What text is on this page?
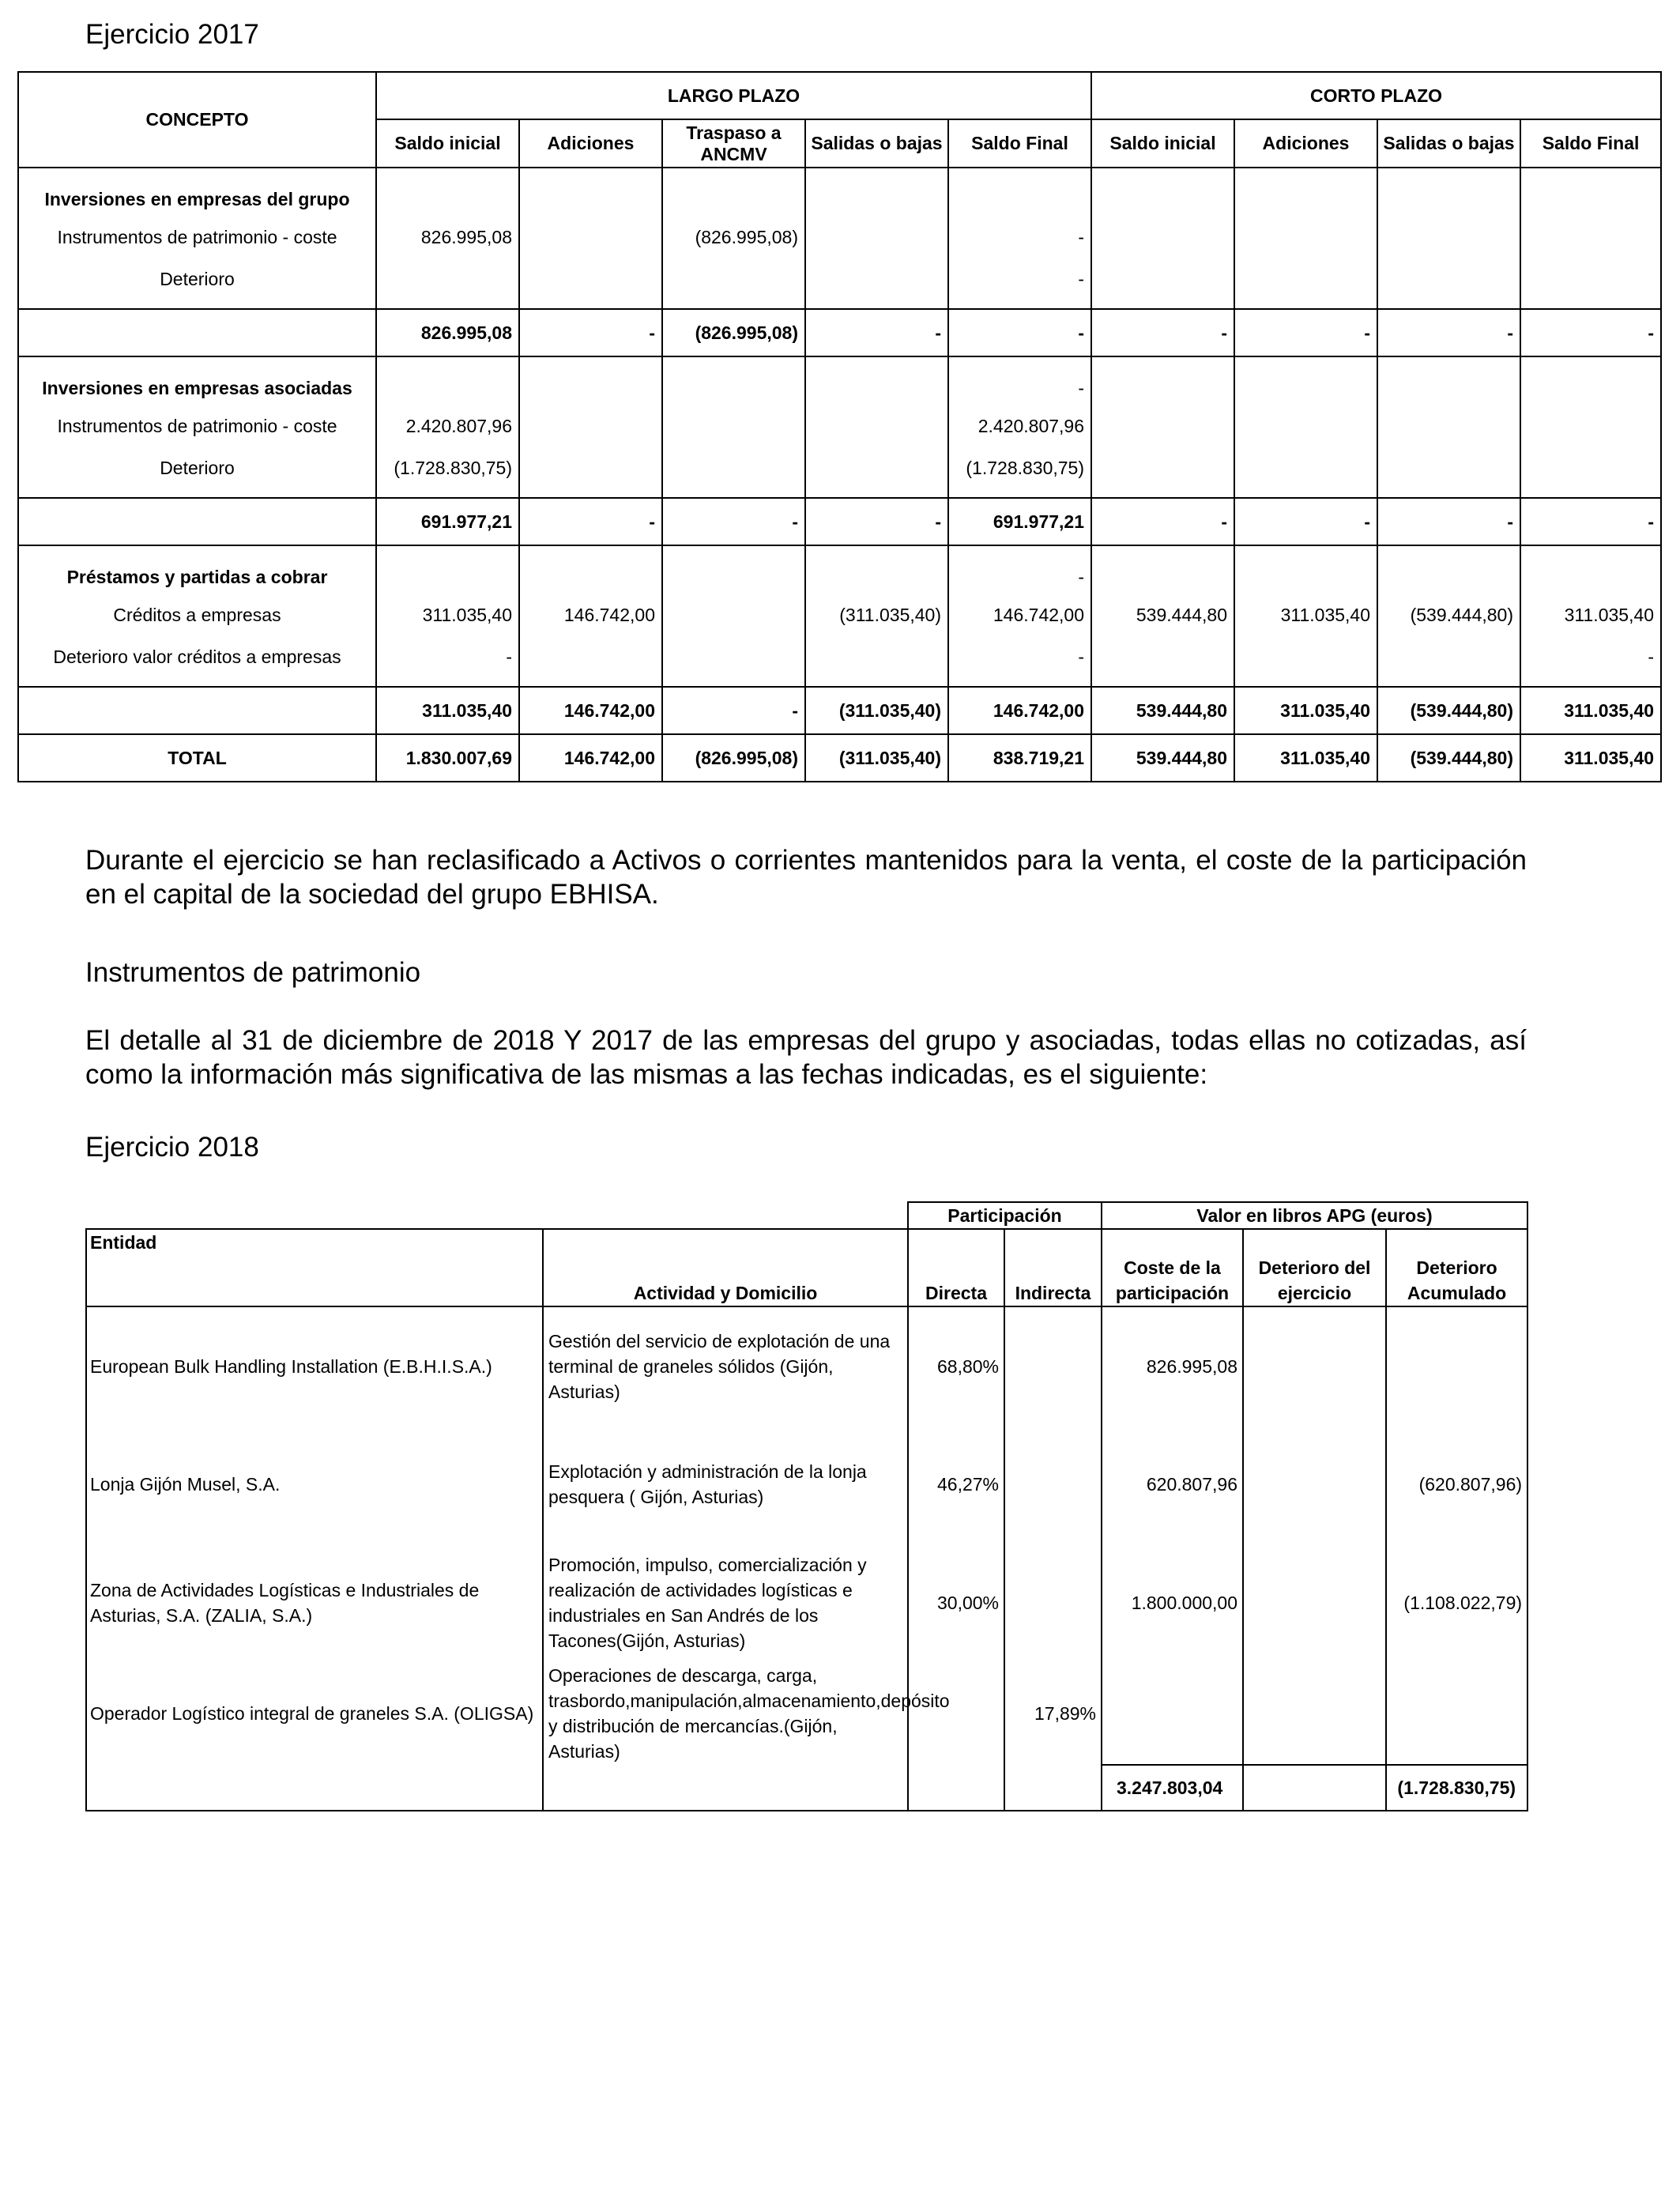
Ejercicio 2017
CONCEPTO	LARGO PLAZO					CORTO PLAZO			
	Saldo inicial	Adiciones	Traspaso a ANCMV	Salidas o bajas	Saldo Final	Saldo inicial	Adiciones	Salidas o bajas	Saldo Final
Inversiones en empresas del grupo									
Instrumentos de patrimonio - coste	826.995,08		(826.995,08)		-				
Deterioro					-				
	826.995,08	-	(826.995,08)	-	-	-	-	-	-
Inversiones en empresas asociadas					-				
Instrumentos de patrimonio - coste	2.420.807,96				2.420.807,96				
Deterioro	(1.728.830,75)				(1.728.830,75)				
	691.977,21	-	-	-	691.977,21	-	-	-	-
Préstamos y partidas a cobrar					-				
Créditos a empresas	311.035,40	146.742,00		(311.035,40)	146.742,00	539.444,80	311.035,40	(539.444,80)	311.035,40
Deterioro valor créditos a empresas	-				-				-
	311.035,40	146.742,00	-	(311.035,40)	146.742,00	539.444,80	311.035,40	(539.444,80)	311.035,40
TOTAL	1.830.007,69	146.742,00	(826.995,08)	(311.035,40)	838.719,21	539.444,80	311.035,40	(539.444,80)	311.035,40

Durante el ejercicio se han reclasificado a Activos o corrientes mantenidos para la venta, el coste de la participación en el capital de la sociedad del grupo EBHISA.

Instrumentos de patrimonio

El detalle al 31 de diciembre de 2018 Y 2017 de las empresas del grupo y asociadas, todas ellas no cotizadas, así como la información más significativa de las mismas a las fechas indicadas, es el siguiente:

Ejercicio 2018
		Participación		Valor en libros APG (euros)		
Entidad	Actividad y Domicilio	Directa	Indirecta	Coste de la participación	Deterioro del ejercicio	Deterioro Acumulado
European Bulk Handling Installation (E.B.H.I.S.A.)	Gestión del servicio de explotación de una terminal de graneles sólidos (Gijón, Asturias)	68,80%		826.995,08		
Lonja Gijón Musel, S.A.	Explotación y administración de la lonja pesquera ( Gijón, Asturias)	46,27%		620.807,96		(620.807,96)
Zona de Actividades Logísticas e Industriales de Asturias, S.A. (ZALIA, S.A.)	Promoción, impulso, comercialización y realización de actividades logísticas e industriales en San Andrés de los Tacones(Gijón, Asturias)	30,00%		1.800.000,00		(1.108.022,79)
Operador Logístico integral de graneles S.A. (OLIGSA)	Operaciones de descarga, carga, trasbordo,manipulación,almacenamiento,depósito y distribución de mercancías.(Gijón, Asturias)		17,89%			
				3.247.803,04		(1.728.830,75)
